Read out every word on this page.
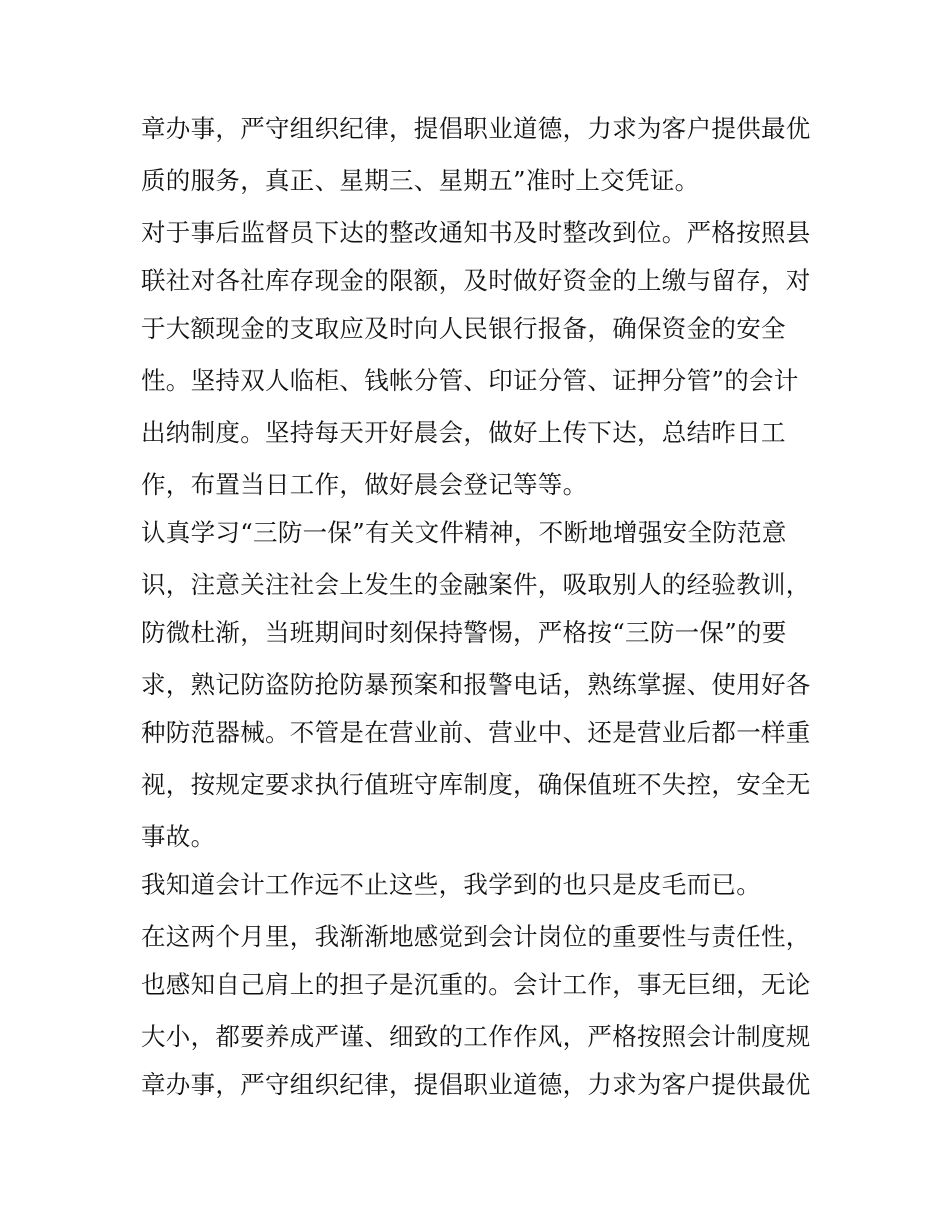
章办事，严守组织纪律，提倡职业道德，力求为客户提供最优
质的服务，真正、星期三、星期五”准时上交凭证。
对于事后监督员下达的整改通知书及时整改到位。严格按照县
联社对各社库存现金的限额，及时做好资金的上缴与留存，对
于大额现金的支取应及时向人民银行报备，确保资金的安全
性。坚持双人临柜、钱帐分管、印证分管、证押分管”的会计
出纳制度。坚持每天开好晨会，做好上传下达，总结昨日工
作，布置当日工作，做好晨会登记等等。
认真学习“三防一保”有关文件精神，不断地增强安全防范意
识，注意关注社会上发生的金融案件，吸取别人的经验教训，
防微杜渐，当班期间时刻保持警惕，严格按“三防一保”的要
求，熟记防盗防抢防暴预案和报警电话，熟练掌握、使用好各
种防范器械。不管是在营业前、营业中、还是营业后都一样重
视，按规定要求执行值班守库制度，确保值班不失控，安全无
事故。
我知道会计工作远不止这些，我学到的也只是皮毛而已。
在这两个月里，我渐渐地感觉到会计岗位的重要性与责任性，
也感知自己肩上的担子是沉重的。会计工作，事无巨细，无论
大小，都要养成严谨、细致的工作作风，严格按照会计制度规
章办事，严守组织纪律，提倡职业道德，力求为客户提供最优
